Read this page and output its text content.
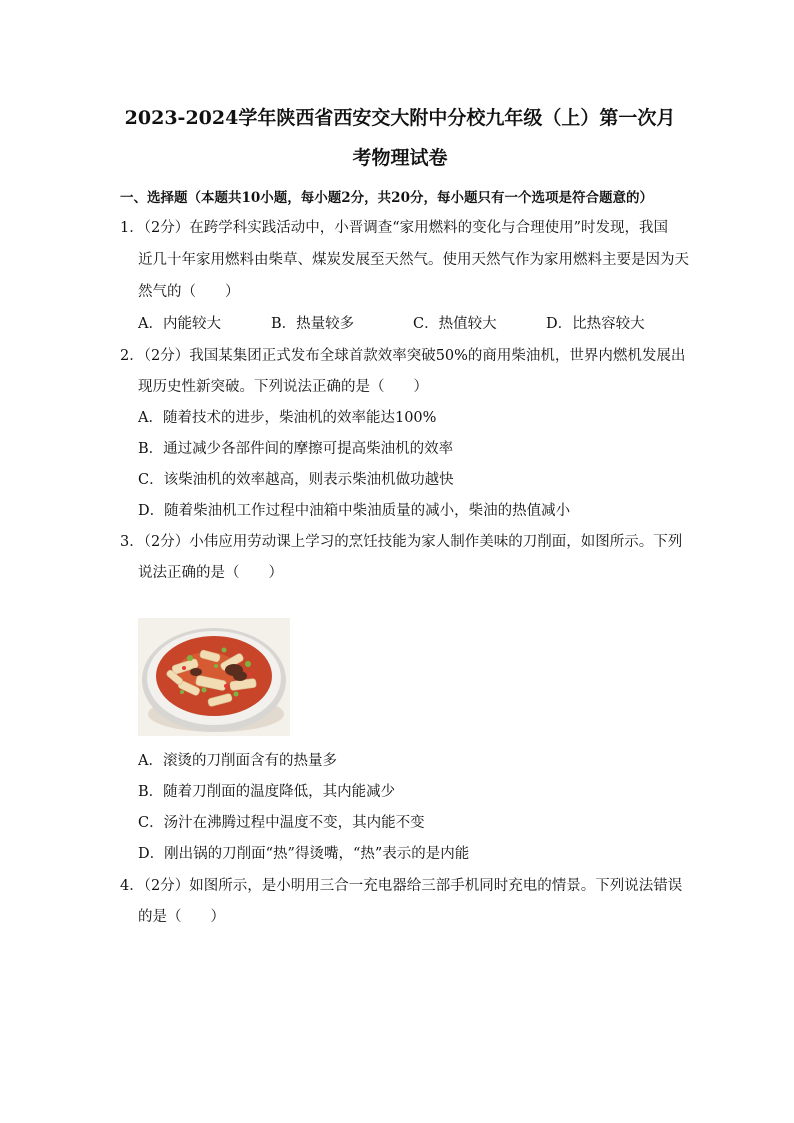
2023-2024学年陕西省西安交大附中分校九年级（上）第一次月
考物理试卷
一、选择题（本题共10小题，每小题2分，共20分，每小题只有一个选项是符合题意的）
1．（2分）在跨学科实践活动中，小晋调查“家用燃料的变化与合理使用”时发现，我国
近几十年家用燃料由柴草、煤炭发展至天然气。使用天然气作为家用燃料主要是因为天
然气的（　　）
A．内能较大	B．热量较多	C．热值较大	D．比热容较大
2．（2分）我国某集团正式发布全球首款效率突破50%的商用柴油机，世界内燃机发展出
现历史性新突破。下列说法正确的是（　　）
A．随着技术的进步，柴油机的效率能达100%
B．通过减少各部件间的摩擦可提高柴油机的效率
C．该柴油机的效率越高，则表示柴油机做功越快
D．随着柴油机工作过程中油箱中柴油质量的减小，柴油的热值减小
3．（2分）小伟应用劳动课上学习的烹饪技能为家人制作美味的刀削面，如图所示。下列
说法正确的是（　　）
A．滚烫的刀削面含有的热量多
B．随着刀削面的温度降低，其内能减少
C．汤汁在沸腾过程中温度不变，其内能不变
D．刚出锅的刀削面“热”得烫嘴，“热”表示的是内能
4．（2分）如图所示，是小明用三合一充电器给三部手机同时充电的情景。下列说法错误
的是（　　）
